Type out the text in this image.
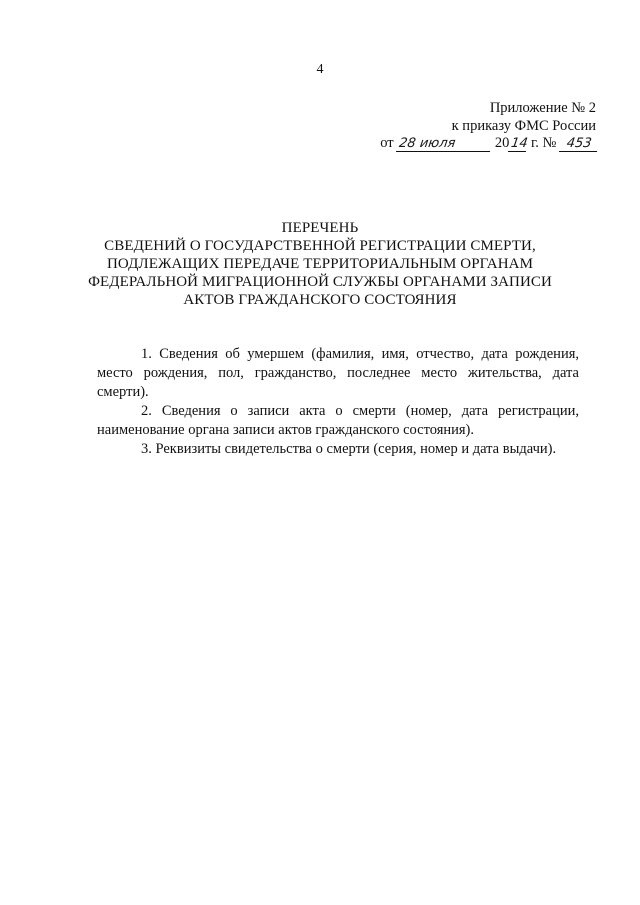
4
Приложение № 2
к приказу ФМС России
от 28 июля	2014 г. № 453
ПЕРЕЧЕНЬ
СВЕДЕНИЙ О ГОСУДАРСТВЕННОЙ РЕГИСТРАЦИИ СМЕРТИ,
ПОДЛЕЖАЩИХ ПЕРЕДАЧЕ ТЕРРИТОРИАЛЬНЫМ ОРГАНАМ
ФЕДЕРАЛЬНОЙ МИГРАЦИОННОЙ СЛУЖБЫ ОРГАНАМИ ЗАПИСИ
АКТОВ ГРАЖДАНСКОГО СОСТОЯНИЯ

1. Сведения об умершем (фамилия, имя, отчество, дата рождения, место рождения, пол, гражданство, последнее место жительства, дата смерти).

2. Сведения о записи акта о смерти (номер, дата регистрации, наименование органа записи актов гражданского состояния).

3. Реквизиты свидетельства о смерти (серия, номер и дата выдачи).
